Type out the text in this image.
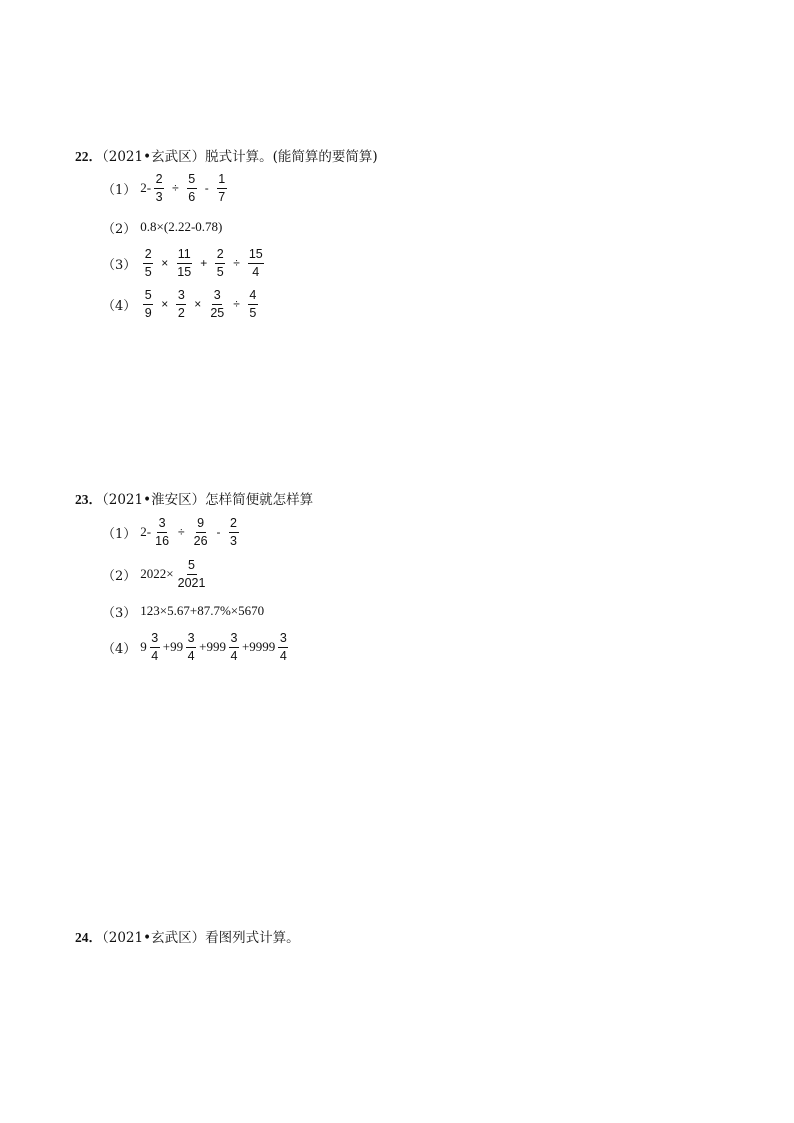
22．（2021•玄武区）脱式计算。(能简算的要简算)
（1） $2- \frac{2}{3} \div \frac{5}{6} - \frac{1}{7}$
（2） 0.8×(2.22-0.78)
$(3) \frac{2}{5} \times \frac{11}{15} + \frac{2}{5} \div \frac{15}{4}$
$(4) \frac{5}{9} \times \frac{3}{2} \times \frac{3}{25} \div \frac{4}{5}$
23．（2021•淮安区）怎样简便就怎样算
（1） $2- \frac{3}{16} \div \frac{9}{26} - \frac{2}{3}$
（2） $2022\times \frac{5}{2021}$
（3） 123×5.67+87.7%×5670
（4） $9 \frac{3}{4} +99 \frac{3}{4} +999 \frac{3}{4} +9999 \frac{3}{4}$
24．（2021•玄武区）看图列式计算。
